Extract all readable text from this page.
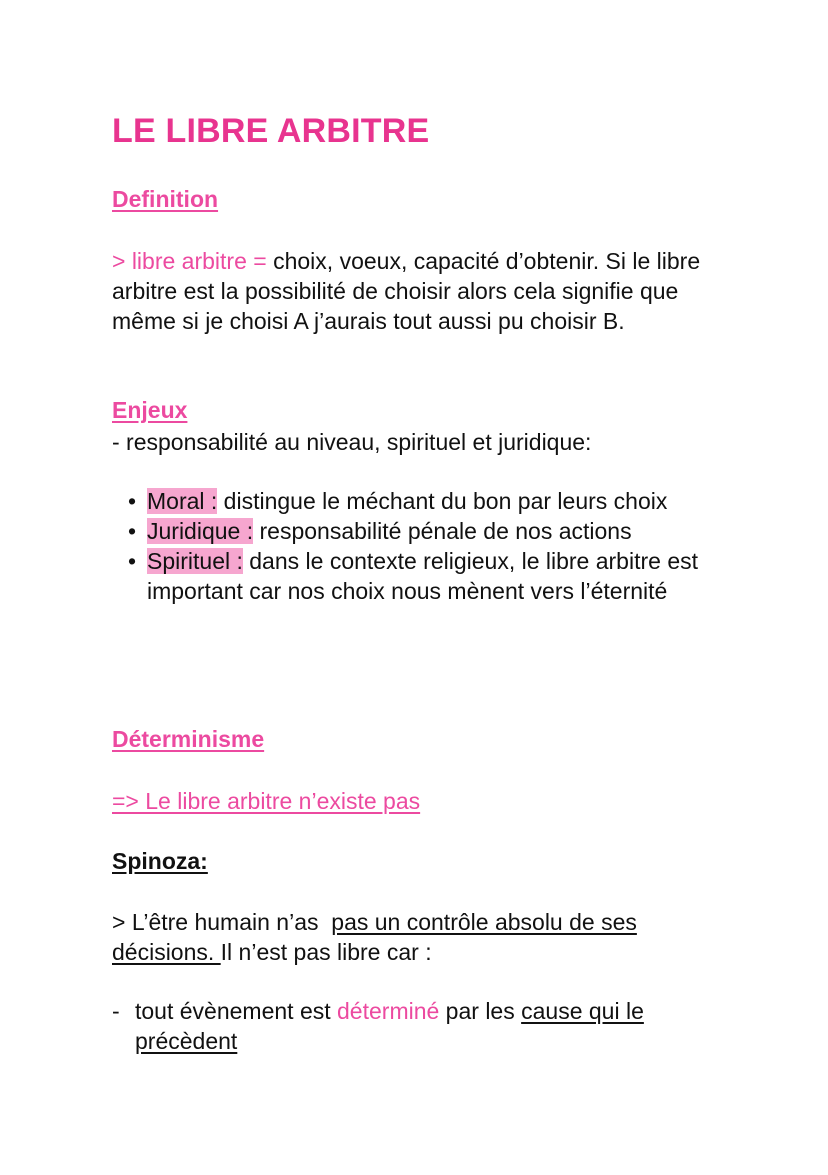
LE LIBRE ARBITRE
Definition
> libre arbitre = choix, voeux, capacité d’obtenir. Si le libre arbitre est la possibilité de choisir alors cela signifie que même si je choisi A j’aurais tout aussi pu choisir B.
Enjeux
- responsabilité au niveau, spirituel et juridique:
• Moral : distingue le méchant du bon par leurs choix
• Juridique : responsabilité pénale de nos actions
• Spirituel : dans le contexte religieux, le libre arbitre est important car nos choix nous mènent vers l’éternité
Déterminisme
=> Le libre arbitre n’existe pas
Spinoza:
> L’être humain n’as  pas un contrôle absolu de ses décisions. Il n’est pas libre car :
- tout évènement est déterminé par les cause qui le précèdent
